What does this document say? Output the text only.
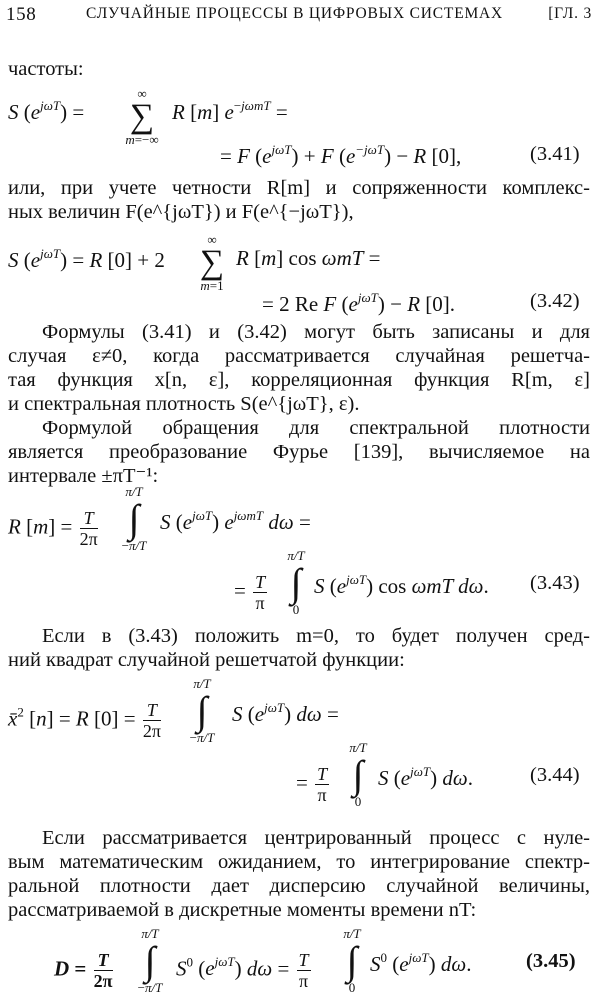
158	СЛУЧАЙНЫЕ ПРОЦЕССЫ В ЦИФРОВЫХ СИСТЕМАХ	[ГЛ. 3
частоты:
S $(e^{j\omega T})$ =
∞
∑
m=−∞
R [m] $e^{-j\omega mT}$ =
= F $(e^{j\omega T}) + F$ $(e^{-j\omega T}) - R$ [0],	(3.41)
или, при учете четности R[m] и сопряженности комплекс-
ных величин F(e^{jωT}) и F(e^{−jωT}),
S $(e^{j\omega T}) = R$ [0] + 2
∞
∑
m=1
R [m] cos ωmT =
= 2 Re F $(e^{j\omega T}) - R$ [0].	(3.42)
Формулы (3.41) и (3.42) могут быть записаны и для
случая ε≠0, когда рассматривается случайная решетча-
тая функция x[n, ε], корреляционная функция R[m, ε]
и спектральная плотность S(e^{jωT}, ε).
Формулой обращения для спектральной плотности
является преобразование Фурье [139], вычисляемое на
интервале ±πT⁻¹:
R $[m] = \frac{T}{2\pi}$
π/T
∫
−π/T
S $(e^{j\omega T})$ $e^{j\omega mT}$ dω =
= $\frac{T}{\pi}$
π/T
∫
0
S $(e^{j\omega T})$ cos ωmT dω. (3.43)
Если в (3.43) положить m=0, то будет получен сред-
ний квадрат случайной решетчатой функции:
x̄$^2$ [n] = R $[0] = \frac{T}{2\pi}$
π/T
∫
−π/T
S $(e^{j\omega T}) d\omega$ =
= $\frac{T}{\pi}$
π/T
∫
0
S $(e^{j\omega T})$ dω.	(3.44)
Если рассматривается центрированный процесс с нуле-
вым математическим ожиданием, то интегрирование спектр-
ральной плотности дает дисперсию случайной величины,
рассматриваемой в дискретные моменты времени nT:
$D = \frac{T}{2\pi}$
π/T
∫
−π/T
$S^0$ $(e^{j\omega T}) d\omega = \frac{T}{\pi}$
π/T
∫
0
$S^0$ $(e^{j\omega T})$ dω.	(3.45)
